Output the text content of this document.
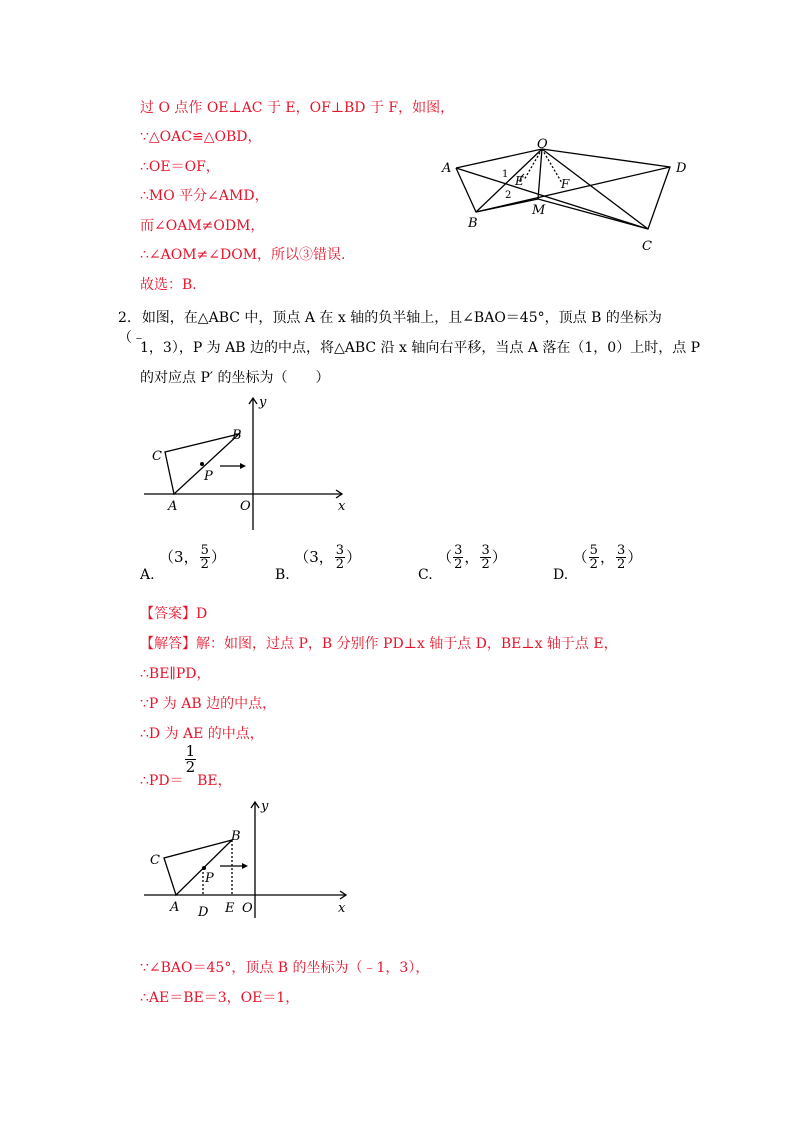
过 O 点作 OE⊥AC 于 E，OF⊥BD 于 F，如图，
∵△OAC≌△OBD，
∴OE＝OF，
∴MO 平分∠AMD，
而∠OAM≠ODM，
∴∠AOM≠∠DOM，所以③错误.
故选：B.
O
A	D
B
M
C
E	F
1
2
2. 如图，在△ABC 中，顶点 A 在 x 轴的负半轴上，且∠BAO＝45°，顶点 B 的坐标为（﹣
1，3），P 为 AB 边的中点，将△ABC 沿 x 轴向右平移，当点 A 落在（1，0）上时，点 P
的对应点 P′ 的坐标为（　　）
y
B
C
P
A	O	x
A. （3， $\frac{5}{2}$ ）
B. （3， $\frac{3}{2}$ ）
C. （ $\frac{3}{2}$ ， $\frac{3}{2}$ ）
D. （ $\frac{5}{2}$ ， $\frac{3}{2}$ ）
【答案】D
【解答】解：如图，过点 P，B 分别作 PD⊥x 轴于点 D，BE⊥x 轴于点 E，
∴BE∥PD，
∵P 为 AB 边的中点，
∴D 为 AE 的中点，
∴PD＝
$\frac{1}{2}$
BE，
y
B
C
P
A D E O	x
∵∠BAO＝45°，顶点 B 的坐标为（﹣1，3），
∴AE＝BE＝3，OE＝1，
